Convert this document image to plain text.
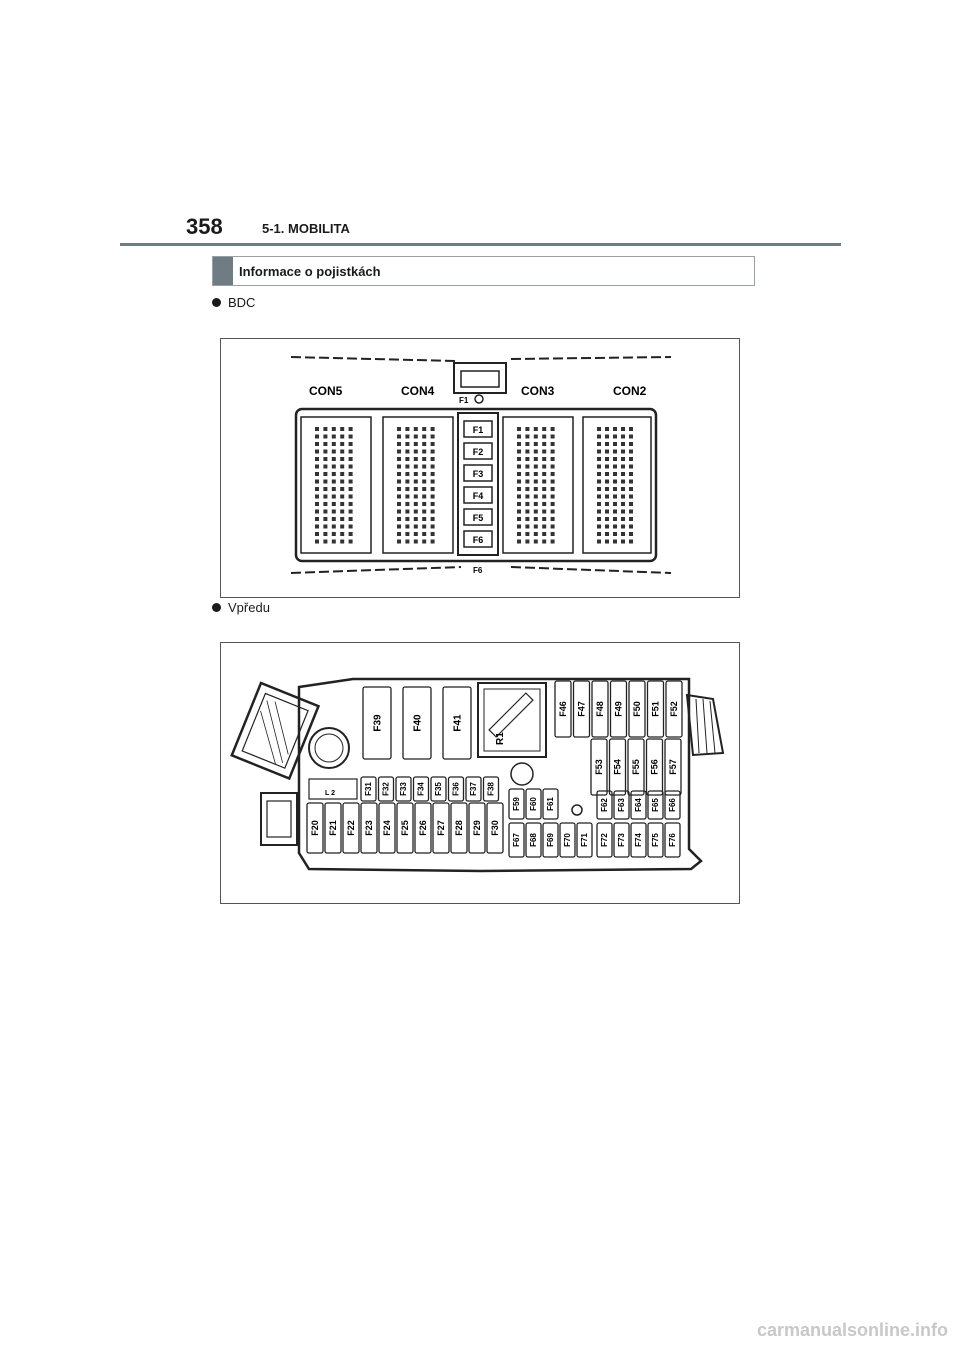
358	5-1. MOBILITA
Informace o pojistkách
BDC
F1
CON5	CON4	CON3	CON2
F1
F2
F3
F4
F5
F6
F6
Vpředu
L 2
R1
F39	F40	F41
F46 F47 F48 F49 F50 F51 F52
F53 F54 F55 F56 F57
F31 F32 F33 F34 F35 F36 F37 F38
F20 F21 F22 F23 F24 F25 F26 F27 F28 F29 F30
F59 F60 F61
F67 F68 F69 F70 F71
F62 F63 F64 F65 F66
F72 F73 F74 F75 F76
carmanualsonline.info
